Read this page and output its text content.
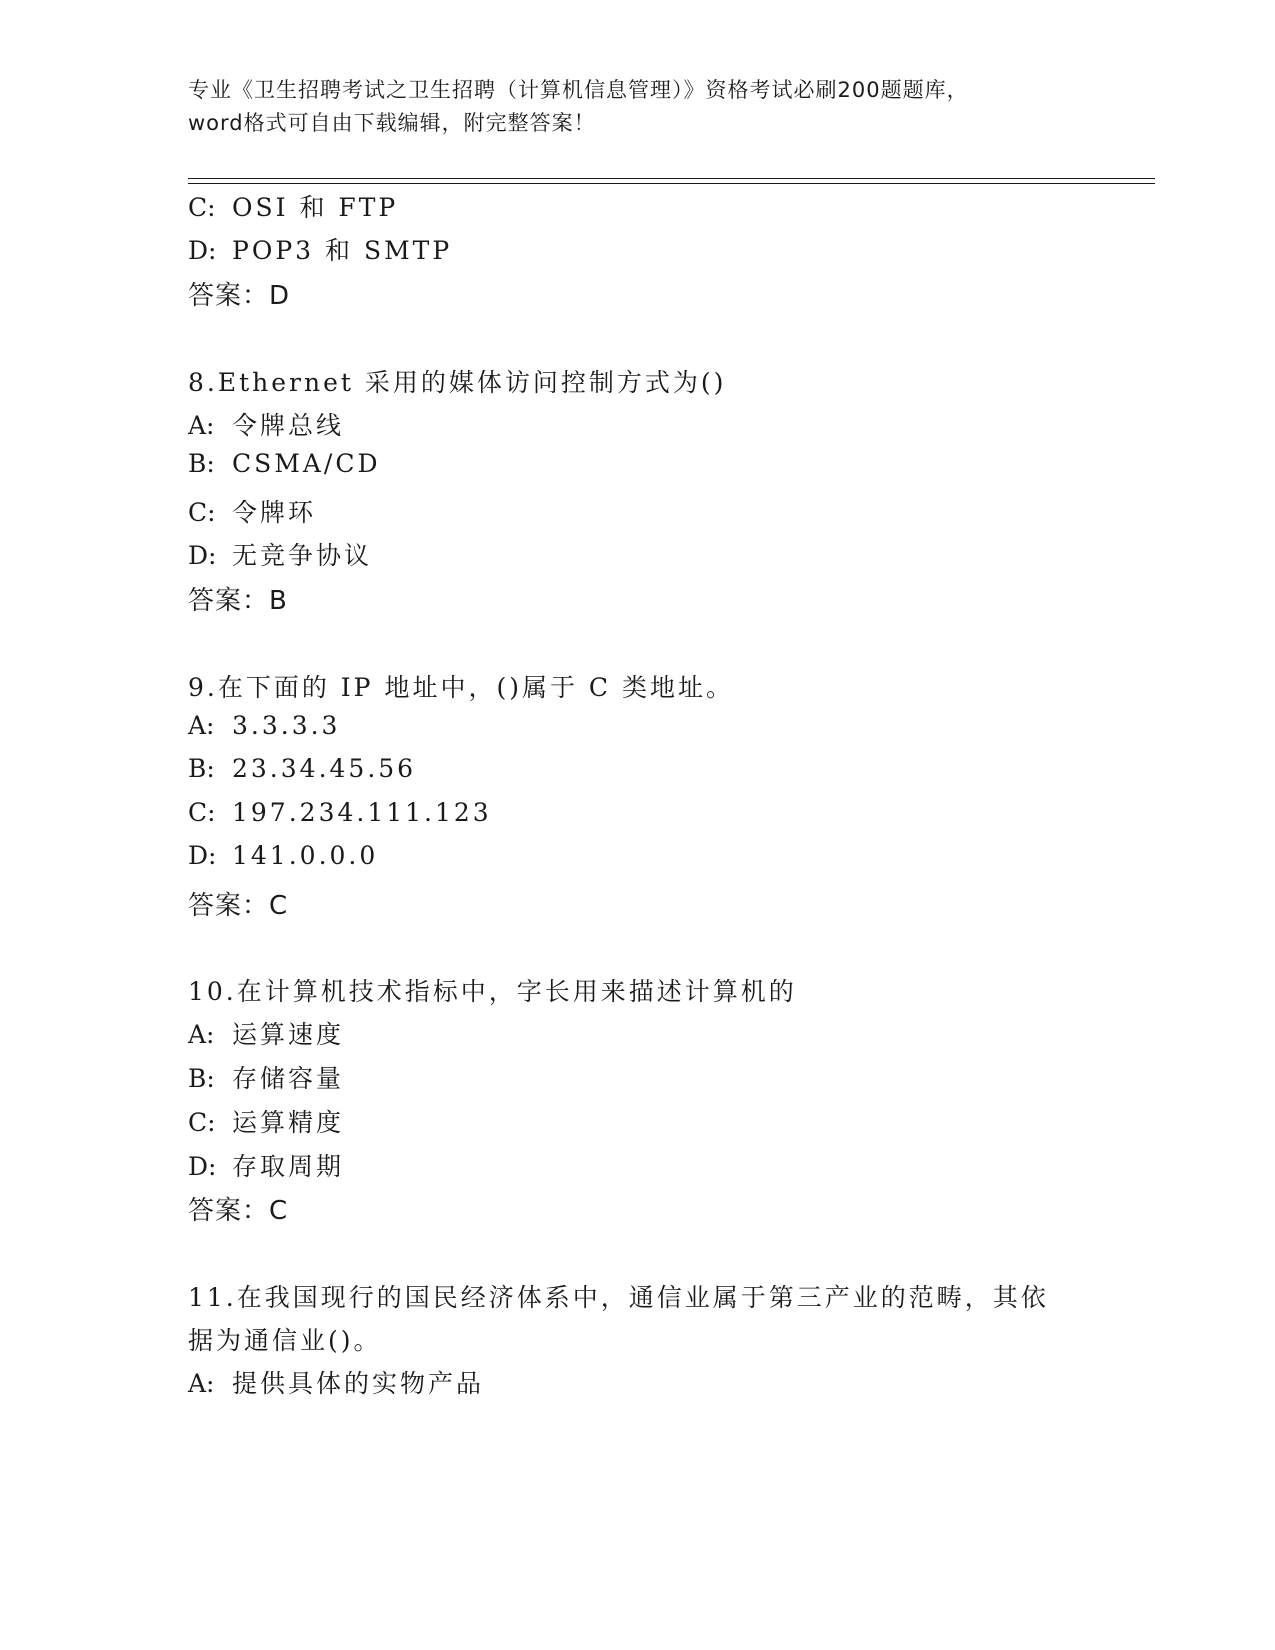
专业《卫生招聘考试之卫生招聘（计算机信息管理）》资格考试必刷200题题库，
word格式可自由下载编辑，附完整答案！
C: OSI 和 FTP
D: POP3 和 SMTP
答案：D
8.Ethernet 采用的媒体访问控制方式为()
A: 令牌总线
B: CSMA/CD
C: 令牌环
D: 无竞争协议
答案：B
9.在下面的 IP 地址中，()属于 C 类地址。
A: 3.3.3.3
B: 23.34.45.56
C: 197.234.111.123
D: 141.0.0.0
答案：C
10.在计算机技术指标中，字长用来描述计算机的
A: 运算速度
B: 存储容量
C: 运算精度
D: 存取周期
答案：C
11.在我国现行的国民经济体系中，通信业属于第三产业的范畴，其依
据为通信业()。
A: 提供具体的实物产品
